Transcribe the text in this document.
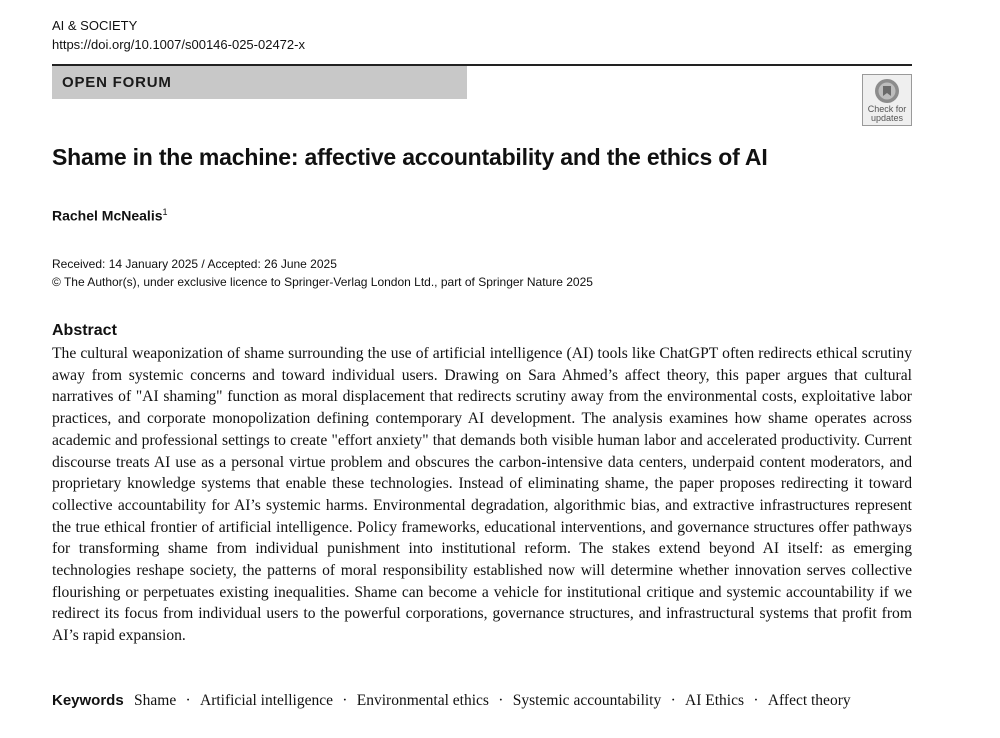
AI & SOCIETY
https://doi.org/10.1007/s00146-025-02472-x
OPEN FORUM
Check for
updates
Shame in the machine: affective accountability and the ethics of AI
Rachel McNealis$^1$
Received: 14 January 2025 / Accepted: 26 June 2025
© The Author(s), under exclusive licence to Springer-Verlag London Ltd., part of Springer Nature 2025
Abstract
The cultural weaponization of shame surrounding the use of artificial intelligence (AI) tools like ChatGPT often redirects ethical scrutiny away from systemic concerns and toward individual users. Drawing on Sara Ahmed’s affect theory, this paper argues that cultural narratives of "AI shaming" function as moral displacement that redirects scrutiny away from the environmental costs, exploitative labor practices, and corporate monopolization defining contemporary AI development. The analysis examines how shame operates across academic and professional settings to create "effort anxiety" that demands both visible human labor and accelerated productivity. Current discourse treats AI use as a personal virtue problem and obscures the carbon-intensive data centers, underpaid content moderators, and proprietary knowledge systems that enable these technologies. Instead of eliminating shame, the paper proposes redirecting it toward collective accountability for AI’s systemic harms. Environmental degradation, algorithmic bias, and extractive infrastructures represent the true ethical frontier of artificial intelligence. Policy frameworks, educational interventions, and governance structures offer pathways for transforming shame from individual punishment into institutional reform. The stakes extend beyond AI itself: as emerging technologies reshape society, the patterns of moral responsibility established now will determine whether innovation serves collective flourishing or perpetuates existing inequalities. Shame can become a vehicle for institutional critique and systemic accountability if we redirect its focus from individual users to the powerful corporations, governance structures, and infrastructural systems that profit from AI’s rapid expansion.
Keywords Shame · Artificial intelligence · Environmental ethics · Systemic accountability · AI Ethics · Affect theory
